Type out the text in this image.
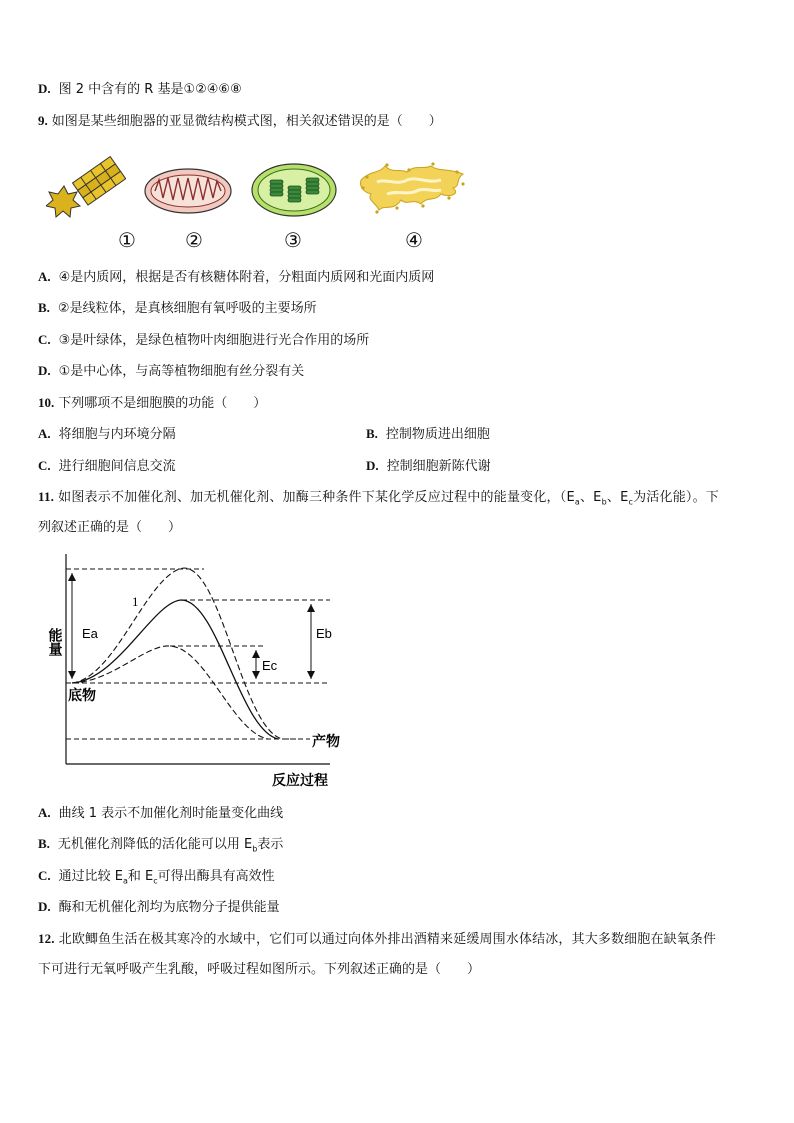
D. 图 2 中含有的 R 基是①②④⑥⑧
9. 如图是某些细胞器的亚显微结构模式图，相关叙述错误的是（　　）
① ②	③	④
A. ④是内质网，根据是否有核糖体附着，分粗面内质网和光面内质网
B. ②是线粒体，是真核细胞有氧呼吸的主要场所
C. ③是叶绿体，是绿色植物叶肉细胞进行光合作用的场所
D. ①是中心体，与高等植物细胞有丝分裂有关
10. 下列哪项不是细胞膜的功能（　　）
A. 将细胞与内环境分隔	B. 控制物质进出细胞
C. 进行细胞间信息交流	D. 控制细胞新陈代谢
11. 如图表示不加催化剂、加无机催化剂、加酶三种条件下某化学反应过程中的能量变化，（$E_a$、$E_b$、$E_c$为活化能）。下
列叙述正确的是（　　）
能量
反应过程
1
Ea	Eb
Ec
底物
产物
A. 曲线 1 表示不加催化剂时能量变化曲线
B. 无机催化剂降低的活化能可以用 $E_b$表示
C. 通过比较 $E_a$和 $E_c$可得出酶具有高效性
D. 酶和无机催化剂均为底物分子提供能量
12. 北欧鲫鱼生活在极其寒冷的水域中，它们可以通过向体外排出酒精来延缓周围水体结冰，其大多数细胞在缺氧条件
下可进行无氧呼吸产生乳酸，呼吸过程如图所示。下列叙述正确的是（　　）
